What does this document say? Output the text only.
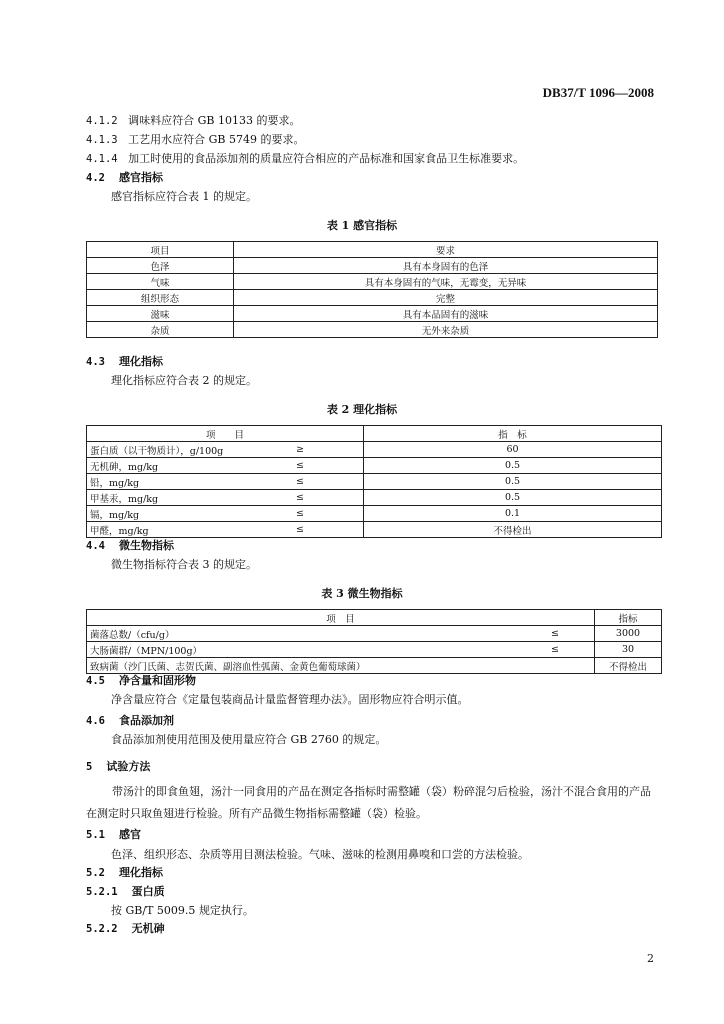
DB37/T 1096—2008
4.1.2 调味料应符合 GB 10133 的要求。
4.1.3 工艺用水应符合 GB 5749 的要求。
4.1.4 加工时使用的食品添加剂的质量应符合相应的产品标准和国家食品卫生标准要求。
4.2 感官指标
感官指标应符合表 1 的规定。
表 1 感官指标
项目	要求
色泽	具有本身固有的色泽
气味	具有本身固有的气味，无霉变，无异味
组织形态	完整
滋味	具有本品固有的滋味
杂质	无外来杂质
4.3 理化指标
理化指标应符合表 2 的规定。
表 2 理化指标
项　　目		指　标
蛋白质（以干物质计），g/100g	≥	60
无机砷，mg/kg	≤	0.5
铅，mg/kg	≤	0.5
甲基汞，mg/kg	≤	0.5
镉，mg/kg	≤	0.1
甲醛，mg/kg	≤	不得检出
4.4 微生物指标
微生物指标符合表 3 的规定。
表 3 微生物指标
项　目		指标
菌落总数/（cfu/g）	≤	3000
大肠菌群/（MPN/100g）	≤	30
致病菌（沙门氏菌、志贺氏菌、副溶血性弧菌、金黄色葡萄球菌）		不得检出
4.5 净含量和固形物
净含量应符合《定量包装商品计量监督管理办法》。固形物应符合明示值。
4.6 食品添加剂
食品添加剂使用范围及使用量应符合 GB 2760 的规定。
5 试验方法
带汤汁的即食鱼翅，汤汁一同食用的产品在测定各指标时需整罐（袋）粉碎混匀后检验，汤汁不混合食用的产品在测定时只取鱼翅进行检验。所有产品微生物指标需整罐（袋）检验。
5.1 感官
色泽、组织形态、杂质等用目测法检验。气味、滋味的检测用鼻嗅和口尝的方法检验。
5.2 理化指标
5.2.1 蛋白质
按 GB/T 5009.5 规定执行。
5.2.2 无机砷
2
